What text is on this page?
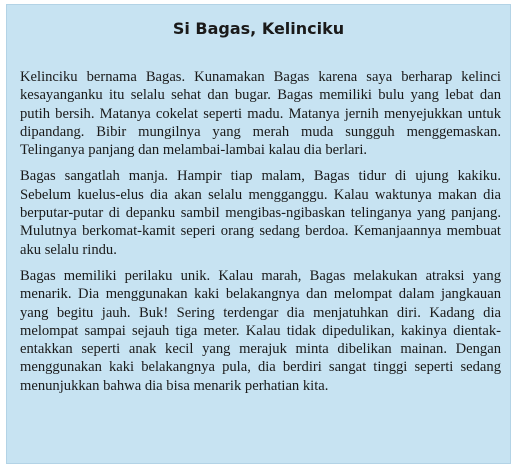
Si Bagas, Kelinciku

Kelinciku bernama Bagas. Kunamakan Bagas karena saya berharap kelinci kesayanganku itu selalu sehat dan bugar. Bagas memiliki bulu yang lebat dan putih bersih. Matanya cokelat seperti madu. Matanya jernih menyejukkan untuk dipandang. Bibir mungilnya yang merah muda sungguh menggemaskan. Telinganya panjang dan melambai-lambai kalau dia berlari.

Bagas sangatlah manja. Hampir tiap malam, Bagas tidur di ujung kakiku. Sebelum kuelus-elus dia akan selalu mengganggu. Kalau waktunya makan dia berputar-putar di depanku sambil mengibas-ngibaskan telinganya yang panjang. Mulutnya berkomat-kamit seperi orang sedang berdoa. Kemanjaannya membuat aku selalu rindu.

Bagas memiliki perilaku unik. Kalau marah, Bagas melakukan atraksi yang menarik. Dia menggunakan kaki belakangnya dan melompat dalam jangkauan yang begitu jauh. Buk! Sering terdengar dia menjatuhkan diri. Kadang dia melompat sampai sejauh tiga meter. Kalau tidak dipedulikan, kakinya dientak-entakkan seperti anak kecil yang merajuk minta dibelikan mainan. Dengan menggunakan kaki belakangnya pula, dia berdiri sangat tinggi seperti sedang menunjukkan bahwa dia bisa menarik perhatian kita.
